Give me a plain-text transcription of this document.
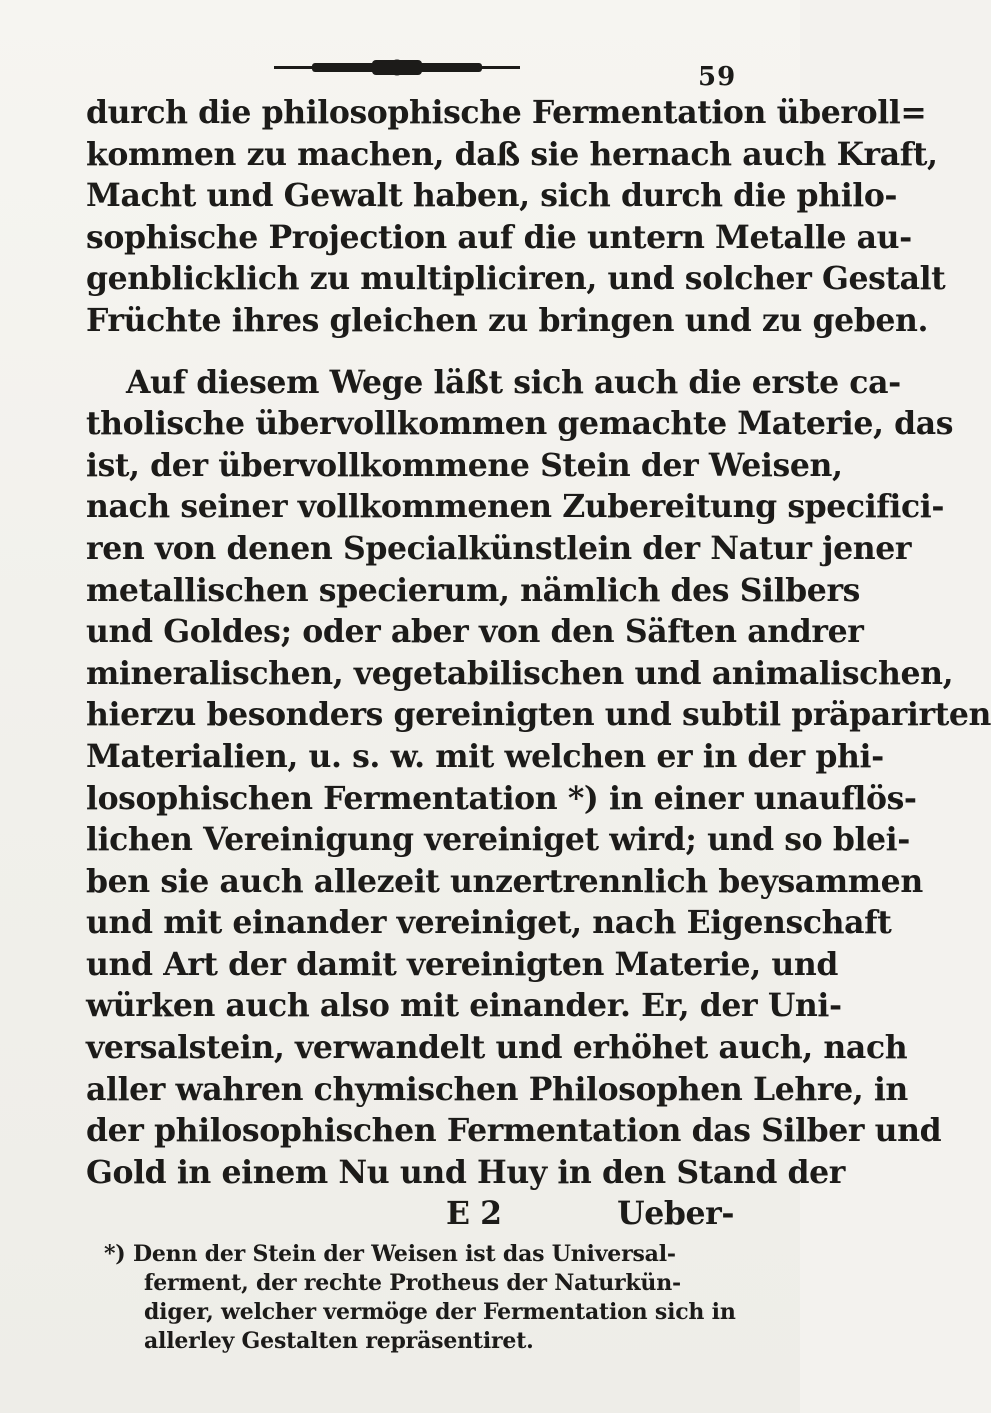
59
durch die philosophische Fermentation überoll=
kommen zu machen, daß sie hernach auch Kraft,
Macht und Gewalt haben, sich durch die philo-
sophische Projection auf die untern Metalle au-
genblicklich zu multipliciren, und solcher Gestalt
Früchte ihres gleichen zu bringen und zu geben.
Auf diesem Wege läßt sich auch die erste ca-
tholische übervollkommen gemachte Materie, das
ist, der übervollkommene Stein der Weisen,
nach seiner vollkommenen Zubereitung specifici-
ren von denen Specialkünstlein der Natur jener
metallischen specierum, nämlich des Silbers
und Goldes; oder aber von den Säften andrer
mineralischen, vegetabilischen und animalischen,
hierzu besonders gereinigten und subtil präparirten
Materialien, u. s. w. mit welchen er in der phi-
losophischen Fermentation *) in einer unauflös-
lichen Vereinigung vereiniget wird; und so blei-
ben sie auch allezeit unzertrennlich beysammen
und mit einander vereiniget, nach Eigenschaft
und Art der damit vereinigten Materie, und
würken auch also mit einander. Er, der Uni-
versalstein, verwandelt und erhöhet auch, nach
aller wahren chymischen Philosophen Lehre, in
der philosophischen Fermentation das Silber und
Gold in einem Nu und Huy in den Stand der
E 2	Ueber-
*) Denn der Stein der Weisen ist das Universal-
ferment, der rechte Protheus der Naturkün-
diger, welcher vermöge der Fermentation sich in
allerley Gestalten repräsentiret.
